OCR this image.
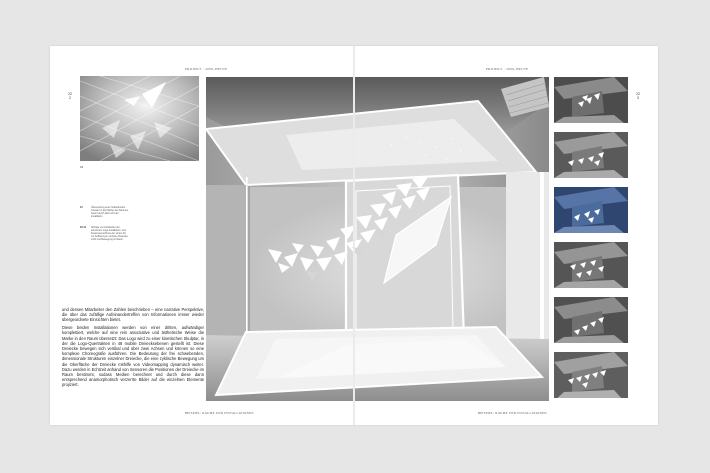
PROJEKT · 2009–HEUTE
222
01
01	Übersetzung einer fortlaufenden Lineatur in die Fläche des Raumes, betont durch das Licht der Installation
02-11 Abfolge von Zuständen der animierten Logo-Installation: vom Zusammenschluss der Linien bis zur Auflösung in einzelne Dreiecke, Licht und Bewegung im Raum

und dessen Mitarbeiter den Zahlen beschrieben – eine narrative Perspektive, die über das zufällige Aufeinandertreffen von Informationen immer wieder übergeordnete Einsichten bietet.

Diese beiden Installationen werden von einer dritten, aufwändiger komplettiert, welche auf eine rein assoziative und ästhetische Weise die Marke in den Raum übersetzt: Das Logo wird zu einer kinetischen Skulptur, in der die Logo-Quertrakten in 48 mobile Dreiecksebenen gestellt ist. Diese Dreiecke bewegen sich vertikal und über zwei Achsen und können so eine komplexe Choreografie ausführen. Die Bedeutung der frei schwebenden, dimensionale Strukturen einzelner Dreiecke, die eine zyklische Bewegung um die Oberfläche der Dreiecke mithilfe von Videomapping dynamisch weiter. Dazu werden in Echtzeit anhand von Sensoren die Positionen der Dreiecke im Raum bestimmt, sodass Medien berechnet und durch diese dann entsprechend anamorphotisch verzerrte Bilder auf die einzelnen Elemente projiziert.

BEISPIEL: RÄUME UND INSTALLATIONEN
PROJEKT · 2009–HEUTE
223
BEISPIEL: RÄUME UND INSTALLATIONEN
